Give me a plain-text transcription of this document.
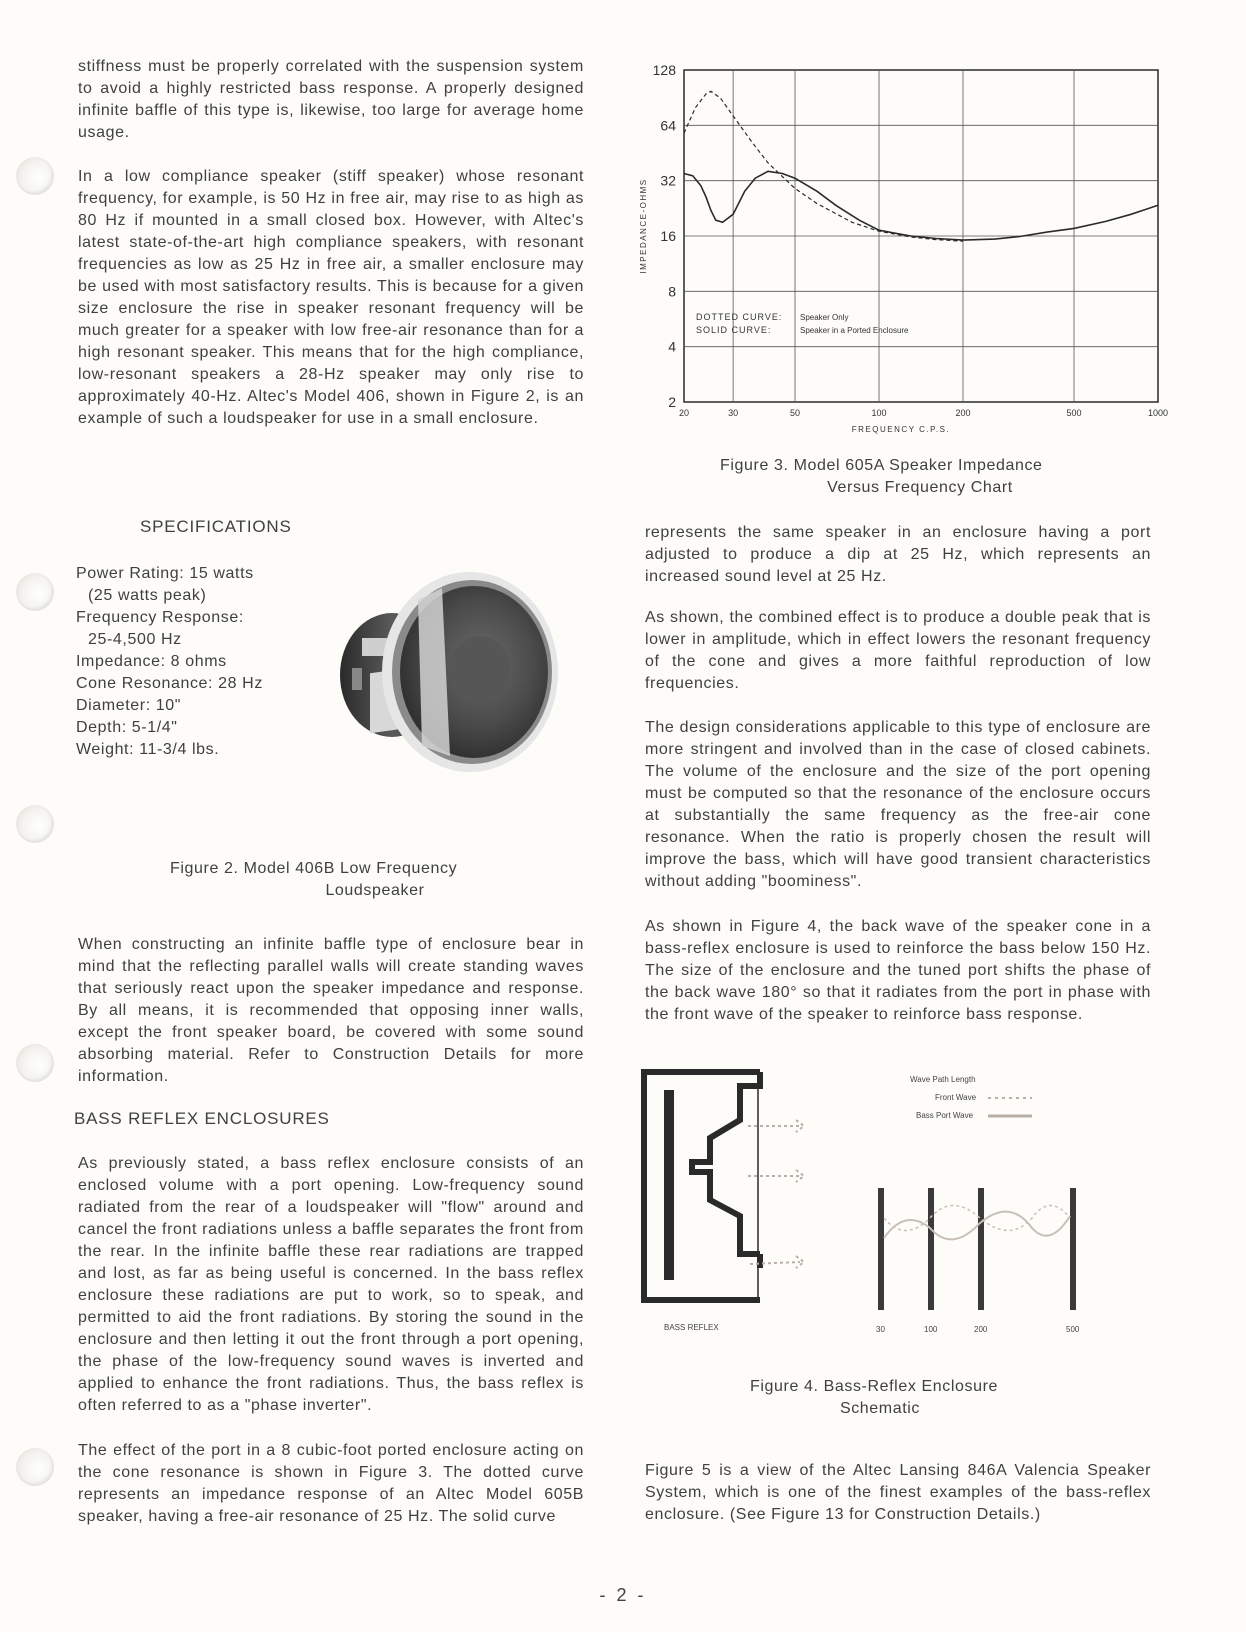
stiffness must be properly correlated with the suspension system to avoid a highly restricted bass response. A properly designed infinite baffle of this type is, likewise, too large for average home usage.
In a low compliance speaker (stiff speaker) whose resonant frequency, for example, is 50 Hz in free air, may rise to as high as 80 Hz if mounted in a small closed box. However, with Altec's latest state-of-the-art high compliance speakers, with resonant frequencies as low as 25 Hz in free air, a smaller enclosure may be used with most satisfactory results. This is because for a given size enclosure the rise in speaker resonant frequency will be much greater for a speaker with low free-air resonance than for a high resonant speaker. This means that for the high compliance, low-resonant speakers a 28-Hz speaker may only rise to approximately 40-Hz. Altec's Model 406, shown in Figure 2, is an example of such a loudspeaker for use in a small enclosure.
SPECIFICATIONS
Power Rating: 15 watts
(25 watts peak)
Frequency Response:
25-4,500 Hz
Impedance: 8 ohms
Cone Resonance: 28 Hz
Diameter: 10"
Depth: 5-1/4"
Weight: 11-3/4 lbs.
Figure 2. Model 406B Low Frequency
Loudspeaker
When constructing an infinite baffle type of enclosure bear in mind that the reflecting parallel walls will create standing waves that seriously react upon the speaker impedance and response. By all means, it is recommended that opposing inner walls, except the front speaker board, be covered with some sound absorbing material. Refer to Construction Details for more information.
BASS REFLEX ENCLOSURES
As previously stated, a bass reflex enclosure consists of an enclosed volume with a port opening. Low-frequency sound radiated from the rear of a loudspeaker will "flow" around and cancel the front radiations unless a baffle separates the front from the rear. In the infinite baffle these rear radiations are trapped and lost, as far as being useful is concerned. In the bass reflex enclosure these radiations are put to work, so to speak, and permitted to aid the front radiations. By storing the sound in the enclosure and then letting it out the front through a port opening, the phase of the low-frequency sound waves is inverted and applied to enhance the front radiations. Thus, the bass reflex is often referred to as a "phase inverter".
The effect of the port in a 8 cubic-foot ported enclosure acting on the cone resonance is shown in Figure 3. The dotted curve represents an impedance response of an Altec Model 605B speaker, having a free-air resonance of 25 Hz. The solid curve
128
64
32
16
8
4
2
20	30	50	100	200	500	1000
FREQUENCY C.P.S.
IMPEDANCE-OHMS
DOTTED CURVE: Speaker Only
SOLID CURVE:	Speaker in a Ported Enclosure
Figure 3. Model 605A Speaker Impedance
Versus Frequency Chart
represents the same speaker in an enclosure having a port adjusted to produce a dip at 25 Hz, which represents an increased sound level at 25 Hz.
As shown, the combined effect is to produce a double peak that is lower in amplitude, which in effect lowers the resonant frequency of the cone and gives a more faithful reproduction of low frequencies.
The design considerations applicable to this type of enclosure are more stringent and involved than in the case of closed cabinets. The volume of the enclosure and the size of the port opening must be computed so that the resonance of the enclosure occurs at substantially the same frequency as the free-air cone resonance. When the ratio is properly chosen the result will improve the bass, which will have good transient characteristics without adding "boominess".
As shown in Figure 4, the back wave of the speaker cone in a bass-reflex enclosure is used to reinforce the bass below 150 Hz. The size of the enclosure and the tuned port shifts the phase of the back wave 180° so that it radiates from the port in phase with the front wave of the speaker to reinforce bass response.
Wave Path Length
Front Wave
Bass Port Wave
BASS REFLEX	30	100	200	500
Figure 4. Bass-Reflex Enclosure
Schematic
Figure 5 is a view of the Altec Lansing 846A Valencia Speaker System, which is one of the finest examples of the bass-reflex enclosure. (See Figure 13 for Construction Details.)
- 2 -
